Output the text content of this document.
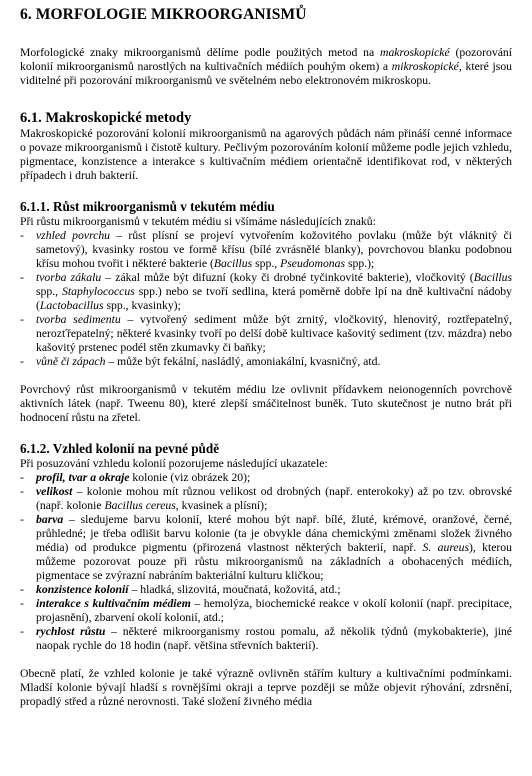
6. MORFOLOGIE MIKROORGANISMŮ

Morfologické znaky mikroorganismů dělíme podle použitých metod na makroskopické (pozorování kolonií mikroorganismů narostlých na kultivačních médiích pouhým okem) a mikroskopické, které jsou viditelné při pozorování mikroorganismů ve světelném nebo elektronovém mikroskopu.

6.1. Makroskopické metody

Makroskopické pozorování kolonií mikroorganismů na agarových půdách nám přináší cenné informace o povaze mikroorganismů i čistotě kultury. Pečlivým pozorováním kolonií můžeme podle jejich vzhledu, pigmentace, konzistence a interakce s kultivačním médiem orientačně identifikovat rod, v některých případech i druh bakterií.

6.1.1. Růst mikroorganismů v tekutém médiu

Při růstu mikroorganismů v tekutém médiu si všímáme následujících znaků:

- vzhled povrchu – růst plísní se projeví vytvořením kožovitého povlaku (může být vláknitý či sametový), kvasinky rostou ve formě křísu (bílé zvrásnělé blanky), povrchovou blanku podobnou křísu mohou tvořit i některé bakterie (Bacillus spp., Pseudomonas spp.);
- tvorba zákalu – zákal může být difuzní (koky či drobné tyčinkovité bakterie), vločkovitý (Bacillus spp., Staphylococcus spp.) nebo se tvoří sedlina, která poměrně dobře lpí na dně kultivační nádoby (Lactobacillus spp., kvasinky);
- tvorba sedimentu – vytvořený sediment může být zrnitý, vločkovitý, hlenovitý, roztřepatelný, nerozťřepatelný; některé kvasinky tvoří po delší době kultivace kašovitý sediment (tzv. mázdra) nebo kašovitý prstenec podél stěn zkumavky či baňky;
- vůně či zápach – může být fekální, nasládlý, amoniakální, kvasničný, atd.

Povrchový růst mikroorganismů v tekutém médiu lze ovlivnit přídavkem neionogenních povrchově aktivních látek (např. Tweenu 80), které zlepší smáčitelnost buněk. Tuto skutečnost je nutno brát při hodnocení růstu na zřetel.

6.1.2. Vzhled kolonií na pevné půdě

Při posuzování vzhledu kolonií pozorujeme následující ukazatele:

- profil, tvar a okraje kolonie (viz obrázek 20);
- velikost – kolonie mohou mít různou velikost od drobných (např. enterokoky) až po tzv. obrovské (např. kolonie Bacillus cereus, kvasinek a plísní);
- barva – sledujeme barvu kolonií, které mohou být např. bílé, žluté, krémové, oranžové, černé, průhledné; je třeba odlišit barvu kolonie (ta je obvykle dána chemickými změnami složek živného média) od produkce pigmentu (přirozená vlastnost některých bakterií, např. S. aureus), kterou můžeme pozorovat pouze při růstu mikroorganismů na základních a obohacených médiích, pigmentace se zvýrazní nabráním bakteriální kulturu kličkou;
- konzistence kolonií – hladká, slizovitá, moučnatá, kožovitá, atd.;
- interakce s kultivačním médiem – hemolýza, biochemické reakce v okolí kolonií (např. precipitace, projasnění), zbarvení okolí kolonií, atd.;
- rychlost růstu – některé mikroorganismy rostou pomalu, až několik týdnů (mykobakterie), jiné naopak rychle do 18 hodin (např. většina střevních bakterií).

Obecně platí, že vzhled kolonie je také výrazně ovlivněn stářím kultury a kultivačními podmínkami. Mladší kolonie bývají hladší s rovnějšími okraji a teprve později se může objevit rýhování, zdrsnění, propadlý střed a různé nerovnosti. Také složení živného média
